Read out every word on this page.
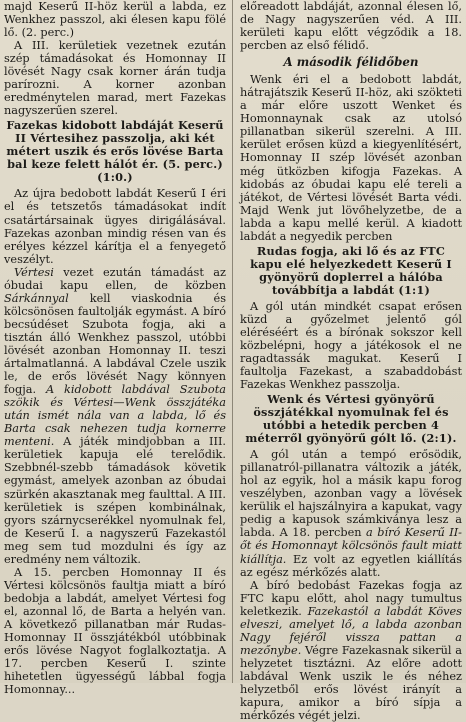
majd Keserű II-höz kerül a labda, ez Wenkhez passzol, aki élesen kapu fölé lő. (2. perc.)

A III. kerületiek vezetnek ezután szép támadásokat és Homonnay II lövését Nagy csak korner árán tudja parírozni. A korner azonban eredménytelen marad, mert Fazekas nagyszerűen szerel.

Fazekas kidobott labdáját Keserű II Vértesihez passzolja, aki két métert uszik és erős lövése Barta bal keze felett hálót ér. (5. perc.) (1:0.)

Az újra bedobott labdát Keserű I éri el és tetszetős támadásokat indít csatártársainak ügyes dirigálásával. Fazekas azonban mindig résen van és erélyes kézzel kárítja el a fenyegető veszélyt.

Vértesi vezet ezután támadást az óbudai kapu ellen, de közben Sárkánnyal kell viaskodnia és kölcsönösen faultolják egymást. A bíró becsúdéset Szubota fogja, aki a tisztán álló Wenkhez passzol, utóbbi lövését azonban Homonnay II. teszi ártalmatlanná. A labdával Czele uszik le, de erős lövését Nagy könnyen fogja. A kidobott labdával Szubota szökik és Vértesi—Wenk összjátéka után ismét nála van a labda, lő és Barta csak nehezen tudja kornerre menteni. A játék mindjobban a III. kerületiek kapuja elé terelődik. Szebbnél-szebb támadások követik egymást, amelyek azonban az óbudai szürkén akasztanak meg faulttal. A III. kerületiek is szépen kombinálnak, gyors szárnycserékkel nyomulnak fel, de Keserű I. a nagyszerű Fazekastól meg sem tud mozdulni és így az eredmény nem változik.

A 15. percben Homonnay II és Vértesi kölcsönös faultja miatt a bíró bedobja a labdát, amelyet Vértesi fog el, azonnal lő, de Barta a helyén van. A következő pillanatban már Rudas-Homonnay II összjátékból utóbbinak erős lövése Nagyot foglalkoztatja. A 17. percben Keserű I. szinte hihetetlen ügyességű lábbal fogja Homonnay...

előreadott labdáját, azonnal élesen lő, de Nagy nagyszerűen véd. A III. kerületi kapu előtt végződik a 18. percben az első félidő.

A második félidőben

Wenk éri el a bedobott labdát, hátrajátszik Keserű II-höz, aki szökteti a már előre uszott Wenket és Homonnaynak csak az utolsó pillanatban sikerül szerelni. A III. kerület erősen küzd a kiegyenlítésért, Homonnay II szép lövését azonban még ütközben kifogja Fazekas. A kidobás az óbudai kapu elé tereli a játékot, de Vértesi lövését Barta védi. Majd Wenk jut lövőhelyzetbe, de a labda a kapu mellé kerül. A kiadott labdát a negyedik percben

Rudas fogja, aki lő és az FTC kapu elé helyezkedett Keserű I gyönyörű doplerrel a hálóba továbbítja a labdát (1:1)

A gól után mindkét csapat erősen küzd a győzelmet jelentő gól eléréséért és a bírónak sokszor kell közbelépni, hogy a játékosok el ne ragadtassák magukat. Keserű I faultolja Fazekast, a szabaddobást Fazekas Wenkhez passzolja.

Wenk és Vértesi gyönyörű összjátékkal nyomulnak fel és utóbbi a hetedik percben 4 méterről gyönyörű gólt lő. (2:1).

A gól után a tempó erősödik, pillanatról-pillanatra változik a játék, hol az egyik, hol a másik kapu forog veszélyben, azonban vagy a lövések kerülik el hajszálnyira a kapukat, vagy pedig a kapusok számkiványa lesz a labda. A 18. percben a bíró Keserű II-őt és Homonnayt kölcsönös fault miatt kiállítja. Ez volt az egyetlen kiállítás az egész mérkőzés alatt.

A bíró bedobást Fazekas fogja az FTC kapu előtt, ahol nagy tumultus keletkezik. Fazekastól a labdát Köves elveszi, amelyet lő, a labda azonban Nagy fejéről vissza pattan a mezőnybe. Végre Fazekasnak sikerül a helyzetet tisztázni. Az előre adott labdával Wenk uszik le és néhez helyzetből erős lövést irányít a kapura, amikor a bíró sípja a mérkőzés végét jelzi.
